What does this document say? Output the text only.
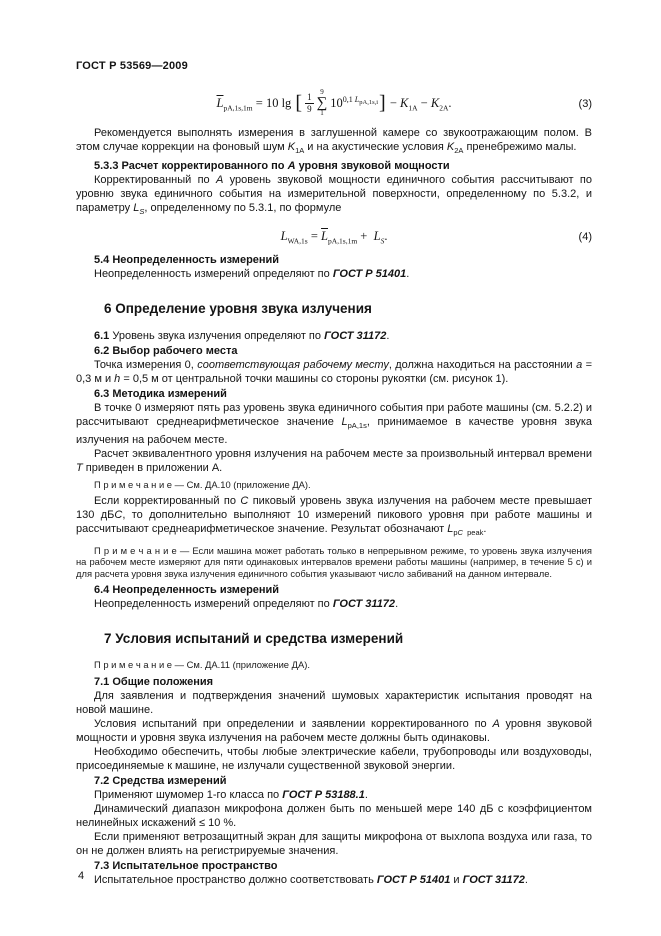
ГОСТ Р 53569—2009
$\overline{L}_{pA,1s,1m} = 10$ lg [ $\frac{1}{9}$
9
∑
1
$10^{0,1 L_{pA,1s,i}}] - K_{1A} - K_{2A}$.	(3)
Рекомендуется выполнять измерения в заглушенной камере со звукоотражающим полом. В этом случае коррекции на фоновый шум $K_{1A}$ и на акустические условия $K_{2A}$ пренебрежимо малы.
5.3.3 Расчет корректированного по А уровня звуковой мощности
Корректированный по А уровень звуковой мощности единичного события рассчитывают по уровню звука единичного события на измерительной поверхности, определенному по 5.3.2, и параметру $L_S$, определенному по 5.3.1, по формуле
$L_{WA,1s} = \overline{L}_{pA,1s,1m} + L_S$.	(4)
5.4 Неопределенность измерений
Неопределенность измерений определяют по ГОСТ Р 51401.
6 Определение уровня звука излучения
6.1 Уровень звука излучения определяют по ГОСТ 31172.
6.2 Выбор рабочего места
Точка измерения 0, соответствующая рабочему месту, должна находиться на расстоянии a = 0,3 м и h = 0,5 м от центральной точки машины со стороны рукоятки (см. рисунок 1).
6.3 Методика измерений
В точке 0 измеряют пять раз уровень звука единичного события при работе машины (см. 5.2.2) и рассчитывают среднеарифметическое значение $L_{pA,1s}$, принимаемое в качестве уровня звука излучения на рабочем месте.
Расчет эквивалентного уровня излучения на рабочем месте за произвольный интервал времени Т приведен в приложении А.
П р и м е ч а н и е — См. ДА.10 (приложение ДА).
Если корректированный по С пиковый уровень звука излучения на рабочем месте превышает 130 дБС, то дополнительно выполняют 10 измерений пикового уровня при работе машины и рассчитывают среднеарифметическое значение. Результат обозначают $L_{pC peak}$.
П р и м е ч а н и е — Если машина может работать только в непрерывном режиме, то уровень звука излучения на рабочем месте измеряют для пяти одинаковых интервалов времени работы машины (например, в течение 5 с) и для расчета уровня звука излучения единичного события указывают число забиваний на данном интервале.
6.4 Неопределенность измерений
Неопределенность измерений определяют по ГОСТ 31172.
7 Условия испытаний и средства измерений
П р и м е ч а н и е — См. ДА.11 (приложение ДА).
7.1 Общие положения
Для заявления и подтверждения значений шумовых характеристик испытания проводят на новой машине.
Условия испытаний при определении и заявлении корректированного по А уровня звуковой мощности и уровня звука излучения на рабочем месте должны быть одинаковы.
Необходимо обеспечить, чтобы любые электрические кабели, трубопроводы или воздуховоды, присоединяемые к машине, не излучали существенной звуковой энергии.
7.2 Средства измерений
Применяют шумомер 1-го класса по ГОСТ Р 53188.1.
Динамический диапазон микрофона должен быть по меньшей мере 140 дБ с коэффициентом нелинейных искажений ≤ 10 %.
Если применяют ветрозащитный экран для защиты микрофона от выхлопа воздуха или газа, то он не должен влиять на регистрируемые значения.
7.3 Испытательное пространство
Испытательное пространство должно соответствовать ГОСТ Р 51401 и ГОСТ 31172.
4
